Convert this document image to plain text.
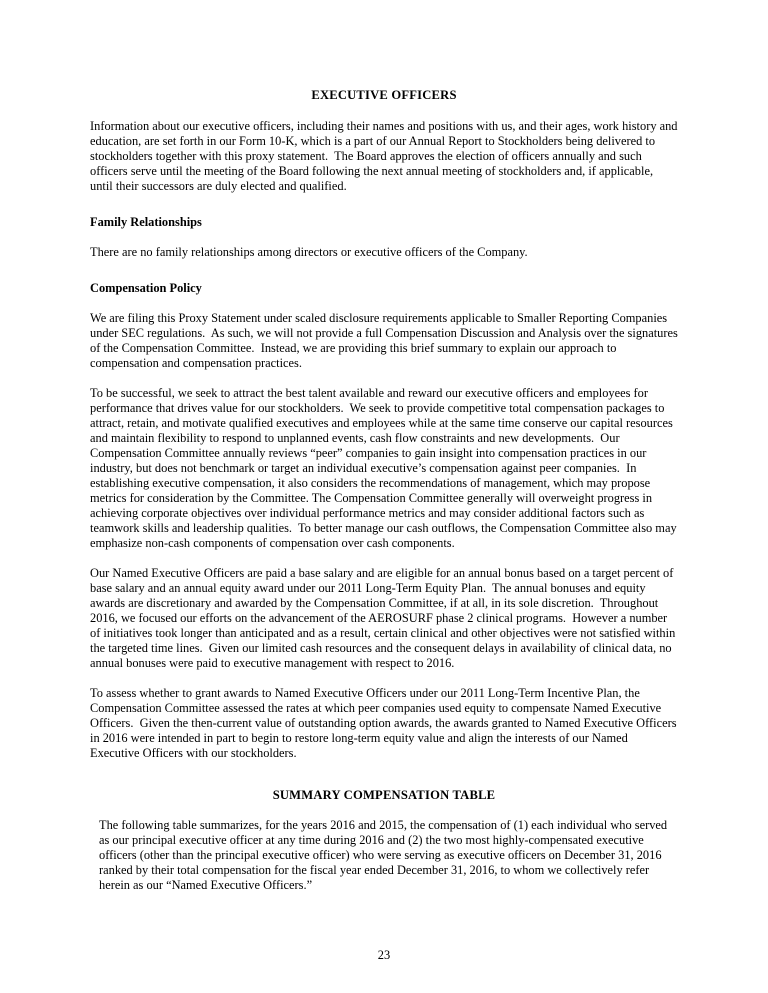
EXECUTIVE OFFICERS

Information about our executive officers, including their names and positions with us, and their ages, work history and education, are set forth in our Form 10-K, which is a part of our Annual Report to Stockholders being delivered to stockholders together with this proxy statement.  The Board approves the election of officers annually and such officers serve until the meeting of the Board following the next annual meeting of stockholders and, if applicable, until their successors are duly elected and qualified.

Family Relationships

There are no family relationships among directors or executive officers of the Company.

Compensation Policy

We are filing this Proxy Statement under scaled disclosure requirements applicable to Smaller Reporting Companies under SEC regulations.  As such, we will not provide a full Compensation Discussion and Analysis over the signatures of the Compensation Committee.  Instead, we are providing this brief summary to explain our approach to compensation and compensation practices.

To be successful, we seek to attract the best talent available and reward our executive officers and employees for performance that drives value for our stockholders.  We seek to provide competitive total compensation packages to attract, retain, and motivate qualified executives and employees while at the same time conserve our capital resources and maintain flexibility to respond to unplanned events, cash flow constraints and new developments.  Our Compensation Committee annually reviews “peer” companies to gain insight into compensation practices in our industry, but does not benchmark or target an individual executive’s compensation against peer companies.  In establishing executive compensation, it also considers the recommendations of management, which may propose metrics for consideration by the Committee. The Compensation Committee generally will overweight progress in achieving corporate objectives over individual performance metrics and may consider additional factors such as teamwork skills and leadership qualities.  To better manage our cash outflows, the Compensation Committee also may emphasize non-cash components of compensation over cash components.

Our Named Executive Officers are paid a base salary and are eligible for an annual bonus based on a target percent of base salary and an annual equity award under our 2011 Long-Term Equity Plan.  The annual bonuses and equity awards are discretionary and awarded by the Compensation Committee, if at all, in its sole discretion.  Throughout 2016, we focused our efforts on the advancement of the AEROSURF phase 2 clinical programs.  However a number of initiatives took longer than anticipated and as a result, certain clinical and other objectives were not satisfied within the targeted time lines.  Given our limited cash resources and the consequent delays in availability of clinical data, no annual bonuses were paid to executive management with respect to 2016.

To assess whether to grant awards to Named Executive Officers under our 2011 Long-Term Incentive Plan, the Compensation Committee assessed the rates at which peer companies used equity to compensate Named Executive Officers.  Given the then-current value of outstanding option awards, the awards granted to Named Executive Officers in 2016 were intended in part to begin to restore long-term equity value and align the interests of our Named Executive Officers with our stockholders.

SUMMARY COMPENSATION TABLE

The following table summarizes, for the years 2016 and 2015, the compensation of (1) each individual who served as our principal executive officer at any time during 2016 and (2) the two most highly-compensated executive officers (other than the principal executive officer) who were serving as executive officers on December 31, 2016 ranked by their total compensation for the fiscal year ended December 31, 2016, to whom we collectively refer herein as our “Named Executive Officers.”

23
